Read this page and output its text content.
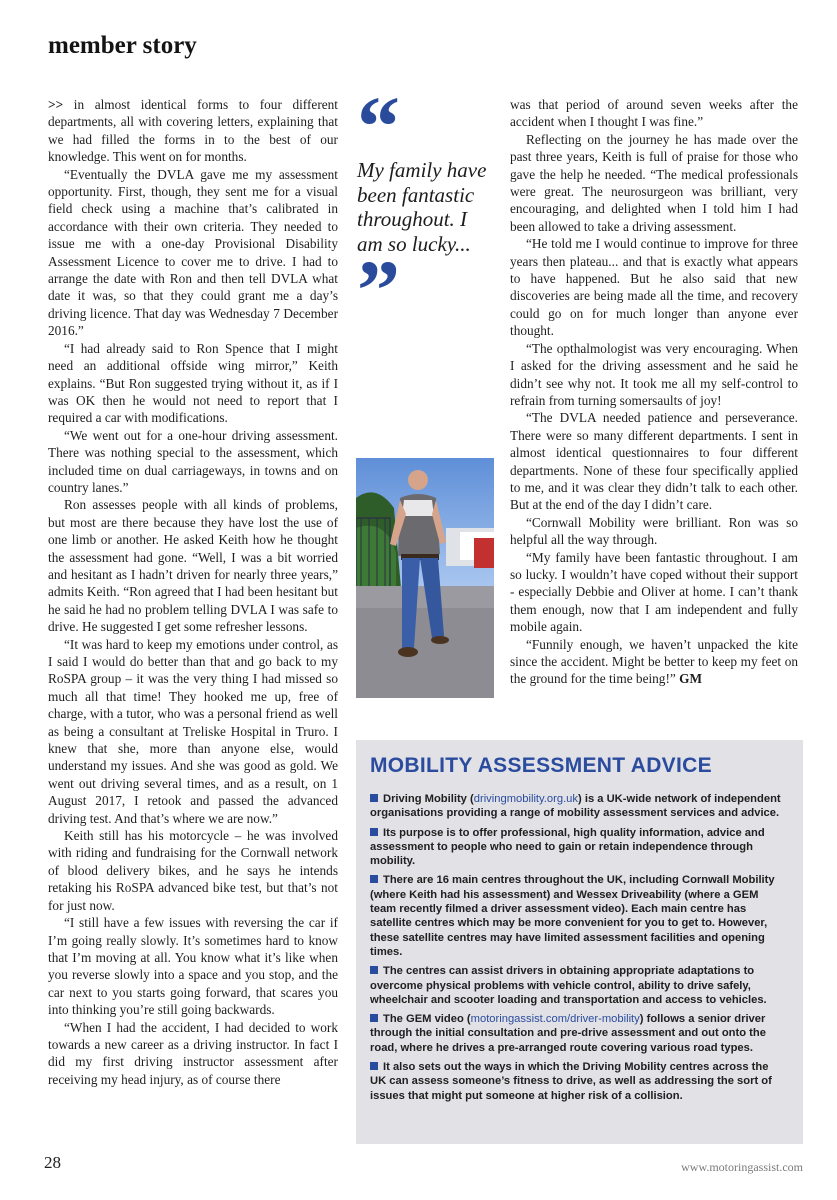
member story

>> in almost identical forms to four different departments, all with covering letters, explaining that we had filled the forms in to the best of our knowledge. This went on for months.

“Eventually the DVLA gave me my assessment opportunity. First, though, they sent me for a visual field check using a machine that’s calibrated in accordance with their own criteria. They needed to issue me with a one-day Provisional Disability Assessment Licence to cover me to drive. I had to arrange the date with Ron and then tell DVLA what date it was, so that they could grant me a day’s driving licence. That day was Wednesday 7 December 2016.”

“I had already said to Ron Spence that I might need an additional offside wing mirror,” Keith explains. “But Ron suggested trying without it, as if I was OK then he would not need to report that I required a car with modifications.

“We went out for a one-hour driving assessment. There was nothing special to the assessment, which included time on dual carriageways, in towns and on country lanes.”

Ron assesses people with all kinds of problems, but most are there because they have lost the use of one limb or another. He asked Keith how he thought the assessment had gone. “Well, I was a bit worried and hesitant as I hadn’t driven for nearly three years,” admits Keith. “Ron agreed that I had been hesitant but he said he had no problem telling DVLA I was safe to drive. He suggested I get some refresher lessons.

“It was hard to keep my emotions under control, as I said I would do better than that and go back to my RoSPA group – it was the very thing I had missed so much all that time! They hooked me up, free of charge, with a tutor, who was a personal friend as well as being a consultant at Treliske Hospital in Truro. I knew that she, more than anyone else, would understand my issues. And she was good as gold. We went out driving several times, and as a result, on 1 August 2017, I retook and passed the advanced driving test. And that’s where we are now.”

Keith still has his motorcycle – he was involved with riding and fundraising for the Cornwall network of blood delivery bikes, and he says he intends retaking his RoSPA advanced bike test, but that’s not for just now.

“I still have a few issues with reversing the car if I’m going really slowly. It’s sometimes hard to know that I’m moving at all. You know what it’s like when you reverse slowly into a space and you stop, and the car next to you starts going forward, that scares you into thinking you’re still going backwards.

“When I had the accident, I had decided to work towards a new career as a driving instructor. In fact I did my first driving instructor assessment after receiving my head injury, as of course there

“

My family have been fantastic throughout. I am so lucky...

”

was that period of around seven weeks after the accident when I thought I was fine.”

Reflecting on the journey he has made over the past three years, Keith is full of praise for those who gave the help he needed. “The medical professionals were great. The neurosurgeon was brilliant, very encouraging, and delighted when I told him I had been allowed to take a driving assessment.

“He told me I would continue to improve for three years then plateau... and that is exactly what appears to have happened. But he also said that new discoveries are being made all the time, and recovery could go on for much longer than anyone ever thought.

“The opthalmologist was very encouraging. When I asked for the driving assessment and he said he didn’t see why not. It took me all my self-control to refrain from turning somersaults of joy!

“The DVLA needed patience and perseverance. There were so many different departments. I sent in almost identical questionnaires to four different departments. None of these four specifically applied to me, and it was clear they didn’t talk to each other. But at the end of the day I didn’t care.

“Cornwall Mobility were brilliant. Ron was so helpful all the way through.

“My family have been fantastic throughout. I am so lucky. I wouldn’t have coped without their support - especially Debbie and Oliver at home. I can’t thank them enough, now that I am independent and fully mobile again.

“Funnily enough, we haven’t unpacked the kite since the accident. Might be better to keep my feet on the ground for the time being!” GM

MOBILITY ASSESSMENT ADVICE

Driving Mobility (drivingmobility.org.uk) is a UK-wide network of independent organisations providing a range of mobility assessment services and advice.

Its purpose is to offer professional, high quality information, advice and assessment to people who need to gain or retain independence through mobility.

There are 16 main centres throughout the UK, including Cornwall Mobility (where Keith had his assessment) and Wessex Driveability (where a GEM team recently filmed a driver assessment video). Each main centre has satellite centres which may be more convenient for you to get to. However, these satellite centres may have limited assessment facilities and opening times.

The centres can assist drivers in obtaining appropriate adaptations to overcome physical problems with vehicle control, ability to drive safely, wheelchair and scooter loading and transportation and access to vehicles.

The GEM video (motoringassist.com/driver-mobility) follows a senior driver through the initial consultation and pre-drive assessment and out onto the road, where he drives a pre-arranged route covering various road types.

It also sets out the ways in which the Driving Mobility centres across the UK can assess someone’s fitness to drive, as well as addressing the sort of issues that might put someone at higher risk of a collision.

28	www.motoringassist.com
